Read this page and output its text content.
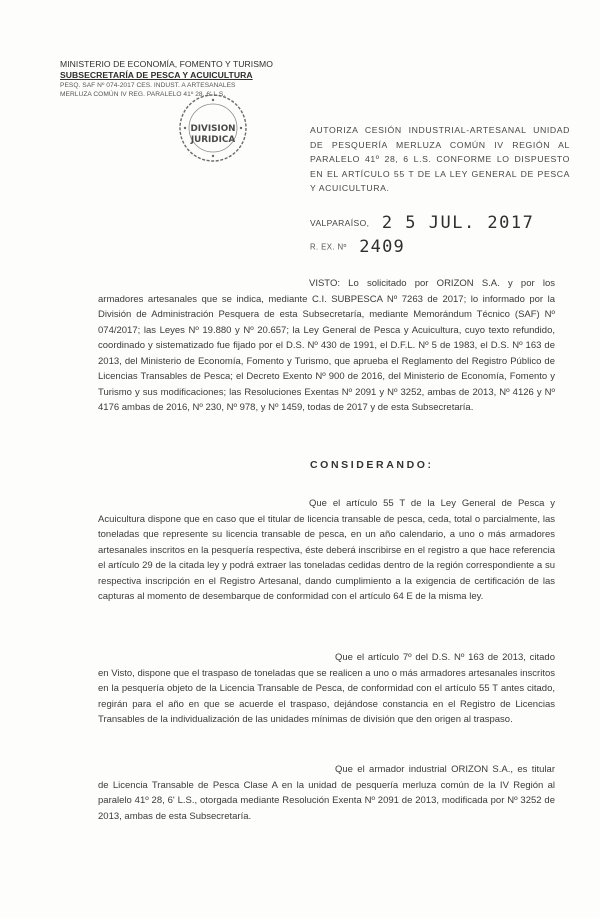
MINISTERIO DE ECONOMÍA, FOMENTO Y TURISMO
SUBSECRETARÍA DE PESCA Y ACUICULTURA
PESQ. SAF Nº 074-2017 CES. INDUST. A ARTESANALES
MERLUZA COMÚN IV REG. PARALELO 41º 28, 6' L.S.
DIVISION
JURIDICA
AUTORIZA CESIÓN INDUSTRIAL-ARTESANAL UNIDAD DE PESQUERÍA MERLUZA COMÚN IV REGIÓN AL PARALELO 41º 28, 6 L.S. CONFORME LO DISPUESTO EN EL ARTÍCULO 55 T DE LA LEY GENERAL DE PESCA Y ACUICULTURA.
VALPARAÍSO, 2 5 JUL. 2017
R. EX. Nº 2409
VISTO: Lo solicitado por ORIZON S.A. y por los armadores artesanales que se indica, mediante C.I. SUBPESCA Nº 7263 de 2017; lo informado por la División de Administración Pesquera de esta Subsecretaría, mediante Memorándum Técnico (SAF) Nº 074/2017; las Leyes Nº 19.880 y Nº 20.657; la Ley General de Pesca y Acuicultura, cuyo texto refundido, coordinado y sistematizado fue fijado por el D.S. Nº 430 de 1991, el D.F.L. Nº 5 de 1983, el D.S. Nº 163 de 2013, del Ministerio de Economía, Fomento y Turismo, que aprueba el Reglamento del Registro Público de Licencias Transables de Pesca; el Decreto Exento Nº 900 de 2016, del Ministerio de Economía, Fomento y Turismo y sus modificaciones; las Resoluciones Exentas Nº 2091 y Nº 3252, ambas de 2013, Nº 4126 y Nº 4176 ambas de 2016, Nº 230, Nº 978, y Nº 1459, todas de 2017 y de esta Subsecretaría.
CONSIDERANDO:
Que el artículo 55 T de la Ley General de Pesca y Acuicultura dispone que en caso que el titular de licencia transable de pesca, ceda, total o parcialmente, las toneladas que represente su licencia transable de pesca, en un año calendario, a uno o más armadores artesanales inscritos en la pesquería respectiva, éste deberá inscribirse en el registro a que hace referencia el artículo 29 de la citada ley y podrá extraer las toneladas cedidas dentro de la región correspondiente a su respectiva inscripción en el Registro Artesanal, dando cumplimiento a la exigencia de certificación de las capturas al momento de desembarque de conformidad con el artículo 64 E de la misma ley.
Que el artículo 7º del D.S. Nº 163 de 2013, citado en Visto, dispone que el traspaso de toneladas que se realicen a uno o más armadores artesanales inscritos en la pesquería objeto de la Licencia Transable de Pesca, de conformidad con el artículo 55 T antes citado, regirán para el año en que se acuerde el traspaso, dejándose constancia en el Registro de Licencias Transables de la individualización de las unidades mínimas de división que den origen al traspaso.
Que el armador industrial ORIZON S.A., es titular de Licencia Transable de Pesca Clase A en la unidad de pesquería merluza común de la IV Región al paralelo 41º 28, 6' L.S., otorgada mediante Resolución Exenta Nº 2091 de 2013, modificada por Nº 3252 de 2013, ambas de esta Subsecretaría.
